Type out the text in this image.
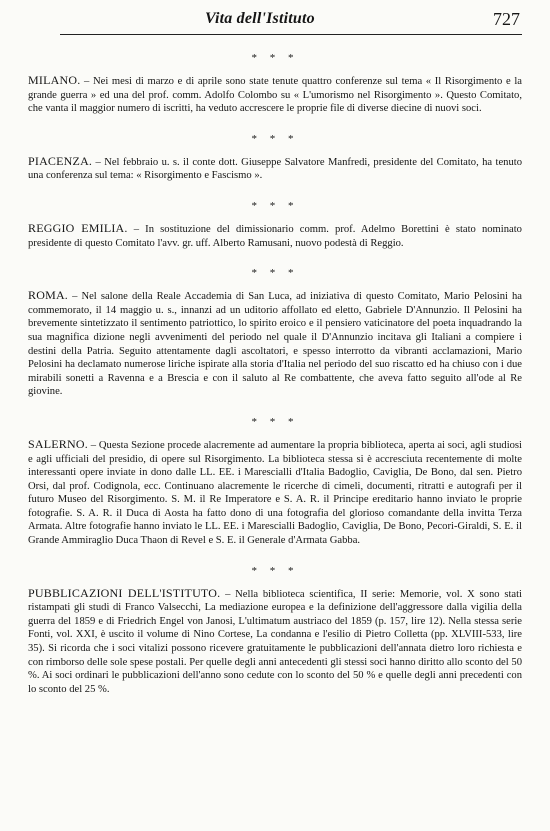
Vita dell'Istituto	727
* * *

MILANO. – Nei mesi di marzo e di aprile sono state tenute quattro conferenze sul tema « Il Risorgimento e la grande guerra » ed una del prof. comm. Adolfo Colombo su « L'umorismo nel Risorgimento ». Questo Comitato, che vanta il maggior numero di iscritti, ha veduto accrescere le proprie file di diverse diecine di nuovi soci.

* * *

PIACENZA. – Nel febbraio u. s. il conte dott. Giuseppe Salvatore Manfredi, presidente del Comitato, ha tenuto una conferenza sul tema: « Risorgimento e Fascismo ».

* * *

REGGIO EMILIA. – In sostituzione del dimissionario comm. prof. Adelmo Borettini è stato nominato presidente di questo Comitato l'avv. gr. uff. Alberto Ramusani, nuovo podestà di Reggio.

* * *

ROMA. – Nel salone della Reale Accademia di San Luca, ad iniziativa di questo Comitato, Mario Pelosini ha commemorato, il 14 maggio u. s., innanzi ad un uditorio affollato ed eletto, Gabriele D'Annunzio. Il Pelosini ha brevemente sintetizzato il sentimento patriottico, lo spirito eroico e il pensiero vaticinatore del poeta inquadrando la sua magnifica dizione negli avvenimenti del periodo nel quale il D'Annunzio incitava gli Italiani a compiere i destini della Patria. Seguito attentamente dagli ascoltatori, e spesso interrotto da vibranti acclamazioni, Mario Pelosini ha declamato numerose liriche ispirate alla storia d'Italia nel periodo del suo riscatto ed ha chiuso con i due mirabili sonetti a Ravenna e a Brescia e con il saluto al Re combattente, che aveva fatto seguito all'ode al Re giovine.

* * *

SALERNO. – Questa Sezione procede alacremente ad aumentare la propria biblioteca, aperta ai soci, agli studiosi e agli ufficiali del presidio, di opere sul Risorgimento. La biblioteca stessa si è accresciuta recentemente di molte interessanti opere inviate in dono dalle LL. EE. i Marescialli d'Italia Badoglio, Caviglia, De Bono, dal sen. Pietro Orsi, dal prof. Codignola, ecc. Continuano alacremente le ricerche di cimeli, documenti, ritratti e autografi per il futuro Museo del Risorgimento. S. M. il Re Imperatore e S. A. R. il Principe ereditario hanno inviato le proprie fotografie. S. A. R. il Duca di Aosta ha fatto dono di una fotografia del glorioso comandante della invitta Terza Armata. Altre fotografie hanno inviato le LL. EE. i Marescialli Badoglio, Caviglia, De Bono, Pecori-Giraldi, S. E. il Grande Ammiraglio Duca Thaon di Revel e S. E. il Generale d'Armata Gabba.

* * *

PUBBLICAZIONI DELL'ISTITUTO. – Nella biblioteca scientifica, II serie: Memorie, vol. X sono stati ristampati gli studi di Franco Valsecchi, La mediazione europea e la definizione dell'aggressore dalla vigilia della guerra del 1859 e di Friedrich Engel von Janosi, L'ultimatum austriaco del 1859 (p. 157, lire 12). Nella stessa serie Fonti, vol. XXI, è uscito il volume di Nino Cortese, La condanna e l'esilio di Pietro Colletta (pp. XLVIII-533, lire 35). Si ricorda che i soci vitalizi possono ricevere gratuitamente le pubblicazioni dell'annata dietro loro richiesta e con rimborso delle sole spese postali. Per quelle degli anni antecedenti gli stessi soci hanno diritto allo sconto del 50 %. Ai soci ordinari le pubblicazioni dell'anno sono cedute con lo sconto del 50 % e quelle degli anni precedenti con lo sconto del 25 %.
